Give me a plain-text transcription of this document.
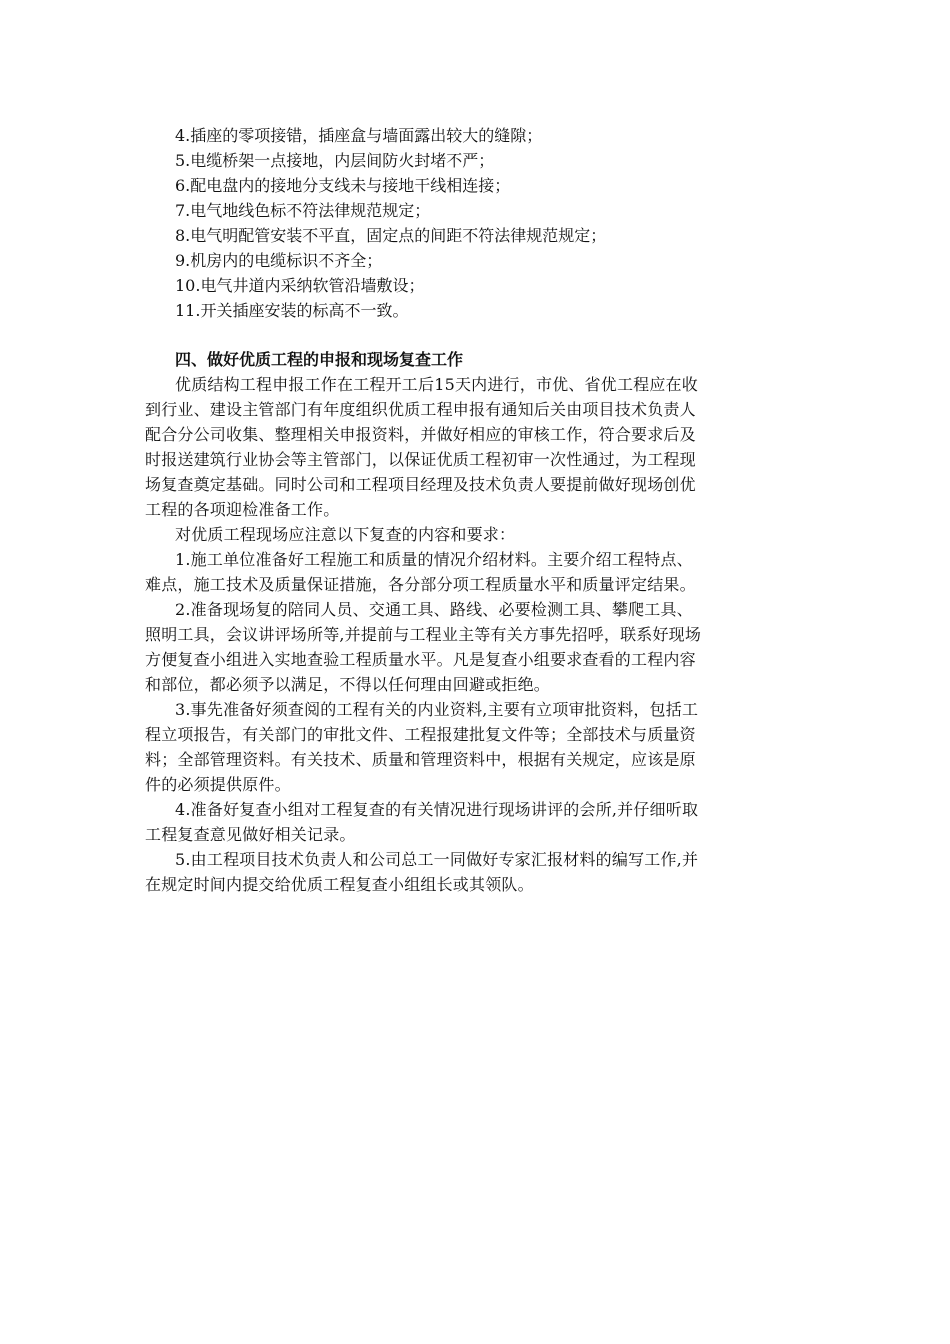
4.插座的零项接错，插座盒与墙面露出较大的缝隙；
5.电缆桥架一点接地，内层间防火封堵不严；
6.配电盘内的接地分支线未与接地干线相连接；
7.电气地线色标不符法律规范规定；
8.电气明配管安装不平直，固定点的间距不符法律规范规定；
9.机房内的电缆标识不齐全；
10.电气井道内采纳软管沿墙敷设；
11.开关插座安装的标高不一致。
四、做好优质工程的申报和现场复查工作
优质结构工程申报工作在工程开工后15天内进行，市优、省优工程应在收
到行业、建设主管部门有年度组织优质工程申报有通知后关由项目技术负责人
配合分公司收集、整理相关申报资料，并做好相应的审核工作，符合要求后及
时报送建筑行业协会等主管部门，以保证优质工程初审一次性通过，为工程现
场复查奠定基础。同时公司和工程项目经理及技术负责人要提前做好现场创优
工程的各项迎检准备工作。
对优质工程现场应注意以下复查的内容和要求：
1.施工单位准备好工程施工和质量的情况介绍材料。主要介绍工程特点、
难点，施工技术及质量保证措施，各分部分项工程质量水平和质量评定结果。
2.准备现场复的陪同人员、交通工具、路线、必要检测工具、攀爬工具、
照明工具，会议讲评场所等,并提前与工程业主等有关方事先招呼，联系好现场
方便复查小组进入实地查验工程质量水平。凡是复查小组要求查看的工程内容
和部位，都必须予以满足，不得以任何理由回避或拒绝。
3.事先准备好须查阅的工程有关的内业资料,主要有立项审批资料，包括工
程立项报告，有关部门的审批文件、工程报建批复文件等；全部技术与质量资
料；全部管理资料。有关技术、质量和管理资料中，根据有关规定，应该是原
件的必须提供原件。
4.准备好复查小组对工程复查的有关情况进行现场讲评的会所,并仔细听取
工程复查意见做好相关记录。
5.由工程项目技术负责人和公司总工一同做好专家汇报材料的编写工作,并
在规定时间内提交给优质工程复查小组组长或其领队。
